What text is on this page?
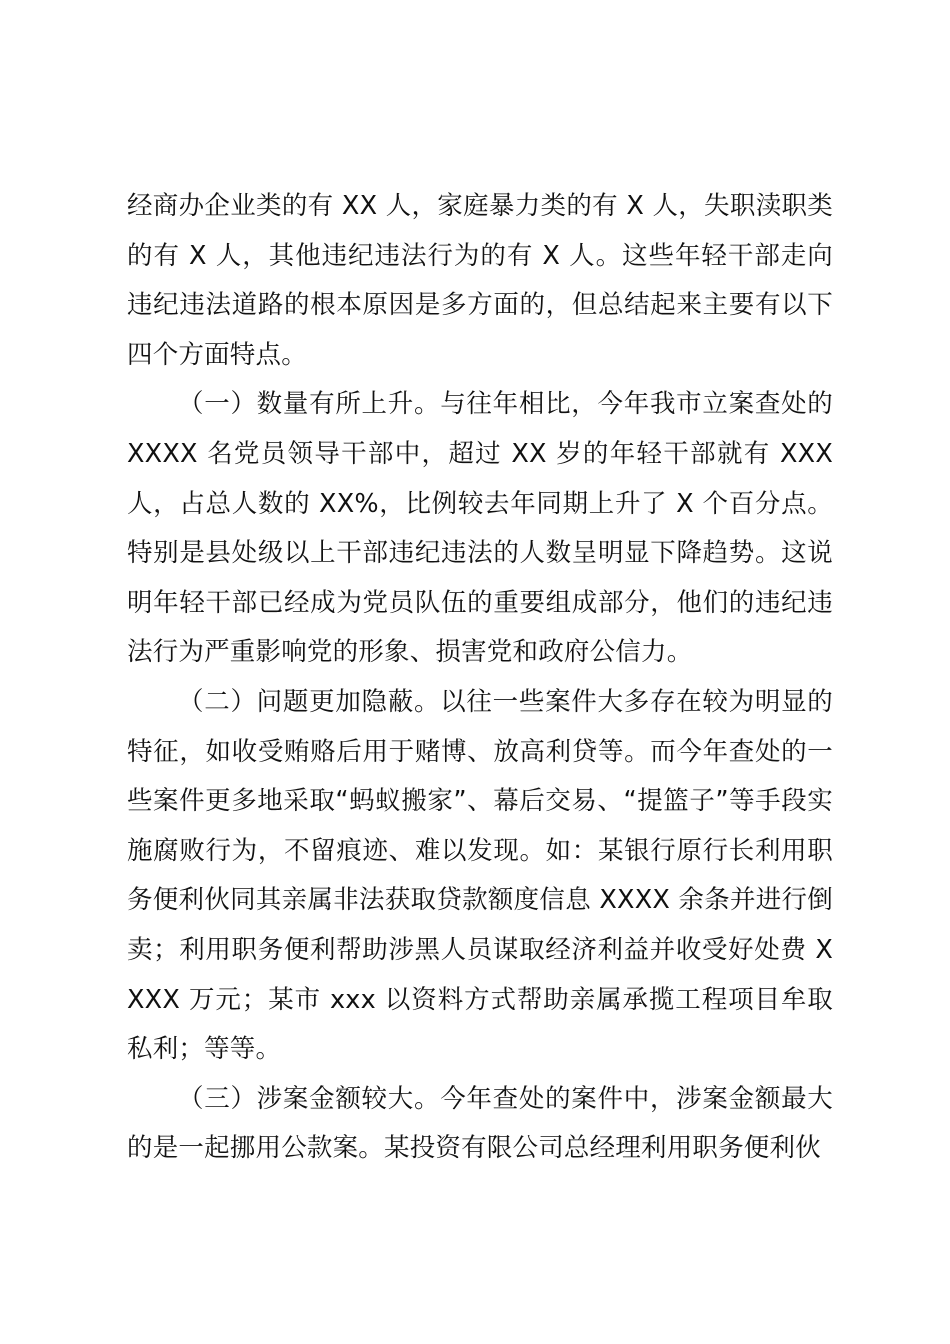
经商办企业类的有 XX 人，家庭暴力类的有 X 人，失职渎职类的有 X 人，其他违纪违法行为的有 X 人。这些年轻干部走向违纪违法道路的根本原因是多方面的，但总结起来主要有以下四个方面特点。

（一）数量有所上升。与往年相比，今年我市立案查处的XXXX 名党员领导干部中，超过 XX 岁的年轻干部就有 XXX 人，占总人数的 XX%，比例较去年同期上升了 X 个百分点。特别是县处级以上干部违纪违法的人数呈明显下降趋势。这说明年轻干部已经成为党员队伍的重要组成部分，他们的违纪违法行为严重影响党的形象、损害党和政府公信力。

（二）问题更加隐蔽。以往一些案件大多存在较为明显的特征，如收受贿赂后用于赌博、放高利贷等。而今年查处的一些案件更多地采取“蚂蚁搬家”、幕后交易、“提篮子”等手段实施腐败行为，不留痕迹、难以发现。如：某银行原行长利用职务便利伙同其亲属非法获取贷款额度信息 XXXX 余条并进行倒卖；利用职务便利帮助涉黑人员谋取经济利益并收受好处费 XXXX 万元；某市 xxx 以资料方式帮助亲属承揽工程项目牟取私利；等等。

（三）涉案金额较大。今年查处的案件中，涉案金额最大的是一起挪用公款案。某投资有限公司总经理利用职务便利伙
